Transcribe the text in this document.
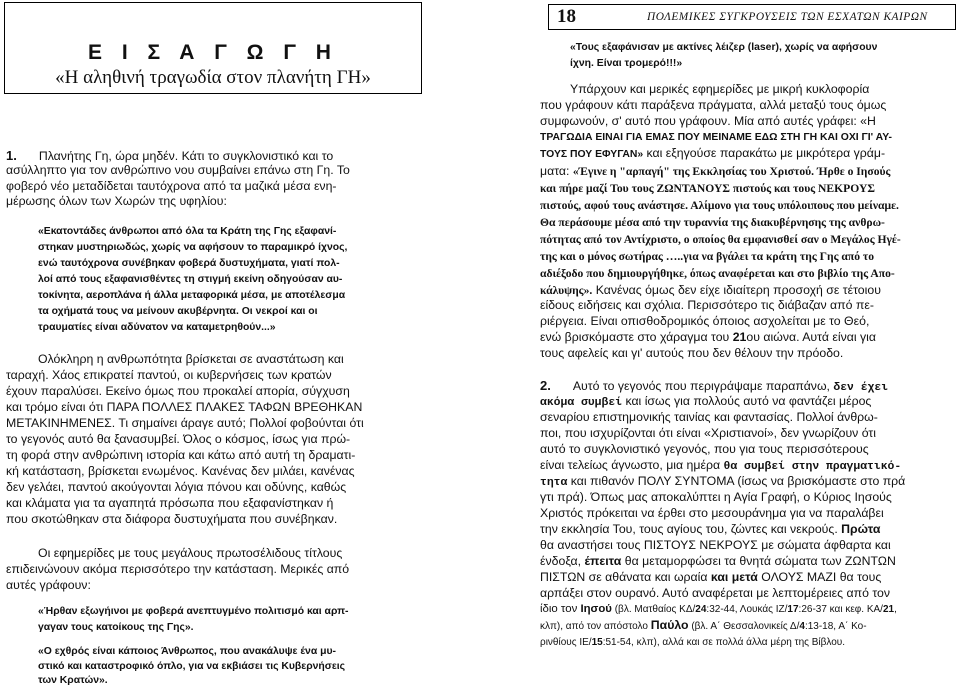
Ε Ι Σ Α Γ Ω Γ Η
«Η αληθινή τραγωδία στον πλανήτη ΓΗ»
1. Πλανήτης Γη, ώρα μηδέν. Κάτι το συγκλονιστικό και το
ασύλληπτο για τον ανθρώπινο νου συμβαίνει επάνω στη Γη. Το
φοβερό νέο μεταδίδεται ταυτόχρονα από τα μαζικά μέσα ενη-
μέρωσης όλων των Χωρών της υφηλίου:
«Εκατοντάδες άνθρωποι από όλα τα Κράτη της Γης εξαφανί-
στηκαν μυστηριωδώς, χωρίς να αφήσουν το παραμικρό ίχνος,
ενώ ταυτόχρονα συνέβηκαν φοβερά δυστυχήματα, γιατί πολ-
λοί από τους εξαφανισθέντες τη στιγμή εκείνη οδηγούσαν αυ-
τοκίνητα, αεροπλάνα ή άλλα μεταφορικά μέσα, με αποτέλεσμα
τα οχήματά τους να μείνουν ακυβέρνητα. Οι νεκροί και οι
τραυματίες είναι αδύνατον να καταμετρηθούν...»
Ολόκληρη η ανθρωπότητα βρίσκεται σε αναστάτωση και
ταραχή. Χάος επικρατεί παντού, οι κυβερνήσεις των κρατών
έχουν παραλύσει. Εκείνο όμως που προκαλεί απορία, σύγχυση
και τρόμο είναι ότι ΠΑΡΑ ΠΟΛΛΕΣ ΠΛΑΚΕΣ ΤΑΦΩΝ ΒΡΕΘΗΚΑΝ
ΜΕΤΑΚΙΝΗΜΕΝΕΣ. Τι σημαίνει άραγε αυτό; Πολλοί φοβούνται ότι
το γεγονός αυτό θα ξανασυμβεί. Όλος ο κόσμος, ίσως για πρώ-
τη φορά στην ανθρώπινη ιστορία και κάτω από αυτή τη δραματι-
κή κατάσταση, βρίσκεται ενωμένος. Κανένας δεν μιλάει, κανένας
δεν γελάει, παντού ακούγονται λόγια πόνου και οδύνης, καθώς
και κλάματα για τα αγαπητά πρόσωπα που εξαφανίστηκαν ή
που σκοτώθηκαν στα διάφορα δυστυχήματα που συνέβηκαν.
Οι εφημερίδες με τους μεγάλους πρωτοσέλιδους τίτλους
επιδεινώνουν ακόμα περισσότερο την κατάσταση. Μερικές από
αυτές γράφουν:
«Ήρθαν εξωγήινοι με φοβερά ανεπτυγμένο πολιτισμό και αρπ-
γαγαν τους κατοίκους της Γης».
«Ο εχθρός είναι κάποιος Άνθρωπος, που ανακάλυψε ένα μυ-
στικό και καταστροφικό όπλο, για να εκβιάσει τις Κυβερνήσεις
των Κρατών».
18	ΠΟΛΕΜΙΚΕΣ ΣΥΓΚΡΟΥΣΕΙΣ ΤΩΝ ΕΣΧΑΤΩΝ ΚΑΙΡΩΝ
«Τους εξαφάνισαν με ακτίνες λέιζερ (laser), χωρίς να αφήσουν
ίχνη. Είναι τρομερό!!!»
Υπάρχουν και μερικές εφημερίδες με μικρή κυκλοφορία
που γράφουν κάτι παράξενα πράγματα, αλλά μεταξύ τους όμως
συμφωνούν, σ' αυτό που γράφουν. Μία από αυτές γράφει: «Η
ΤΡΑΓΩΔΙΑ ΕΙΝΑΙ ΓΙΑ ΕΜΑΣ ΠΟΥ ΜΕΙΝΑΜΕ ΕΔΩ ΣΤΗ ΓΗ ΚΑΙ ΟΧΙ ΓΙ' ΑΥ-
ΤΟΥΣ ΠΟΥ ΕΦΥΓΑΝ» και εξηγούσε παρακάτω με μικρότερα γράμ-
ματα: «Έγινε η "αρπαγή" της Εκκλησίας του Χριστού. Ήρθε ο Ιησούς
και πήρε μαζί Του τους ΖΩΝΤΑΝΟΥΣ πιστούς και τους ΝΕΚΡΟΥΣ
πιστούς, αφού τους ανάστησε. Αλίμονο για τους υπόλοιπους που μείναμε.
Θα περάσουμε μέσα από την τυραννία της διακυβέρνησης της ανθρω-
πότητας από τον Αντίχριστο, ο οποίος θα εμφανισθεί σαν ο Μεγάλος Ηγέ-
της και ο μόνος σωτήρας …..για να βγάλει τα κράτη της Γης από το
αδιέξοδο που δημιουργήθηκε, όπως αναφέρεται και στο βιβλίο της Απο-
κάλυψης». Κανένας όμως δεν είχε ιδιαίτερη προσοχή σε τέτοιου
είδους ειδήσεις και σχόλια. Περισσότερο τις διάβαζαν από πε-
ριέργεια. Είναι οπισθοδρομικός όποιος ασχολείται με το Θεό,
ενώ βρισκόμαστε στο χάραγμα του 21ου αιώνα. Αυτά είναι για
τους αφελείς και γι' αυτούς που δεν θέλουν την πρόοδο.
2. Αυτό το γεγονός που περιγράψαμε παραπάνω, δεν έχει
ακόμα συμβεί και ίσως για πολλούς αυτό να φαντάζει μέρος
σεναρίου επιστημονικής ταινίας και φαντασίας. Πολλοί άνθρω-
ποι, που ισχυρίζονται ότι είναι «Χριστιανοί», δεν γνωρίζουν ότι
αυτό το συγκλονιστικό γεγονός, που για τους περισσότερους
είναι τελείως άγνωστο, μια ημέρα θα συμβεί στην πραγματικό-
τητα και πιθανόν ΠΟΛΥ ΣΥΝΤΟΜΑ (ίσως να βρισκόμαστε στο πρά
γτι πρά). Όπως μας αποκαλύπτει η Αγία Γραφή, ο Κύριος Ιησούς
Χριστός πρόκειται να έρθει στο μεσουράνημα για να παραλάβει
την εκκλησία Του, τους αγίους του, ζώντες και νεκρούς. Πρώτα
θα αναστήσει τους ΠΙΣΤΟΥΣ ΝΕΚΡΟΥΣ με σώματα άφθαρτα και
ένδοξα, έπειτα θα μεταμορφώσει τα θνητά σώματα των ΖΩΝΤΩΝ
ΠΙΣΤΩΝ σε αθάνατα και ωραία και μετά ΟΛΟΥΣ ΜΑΖΙ θα τους
αρπάξει στον ουρανό. Αυτό αναφέρεται με λεπτομέρειες από τον
ίδιο τον Ιησού (βλ. Ματθαίος ΚΔ/24:32-44, Λουκάς ΙΖ/17:26-37 και κεφ. ΚΑ/21,
κλπ), από τον απόστολο Παύλο (βλ. Α΄ Θεσσαλονικείς Δ/4:13-18, Α΄ Κο-
ρινθίους ΙΕ/15:51-54, κλπ), αλλά και σε πολλά άλλα μέρη της Βίβλου.
